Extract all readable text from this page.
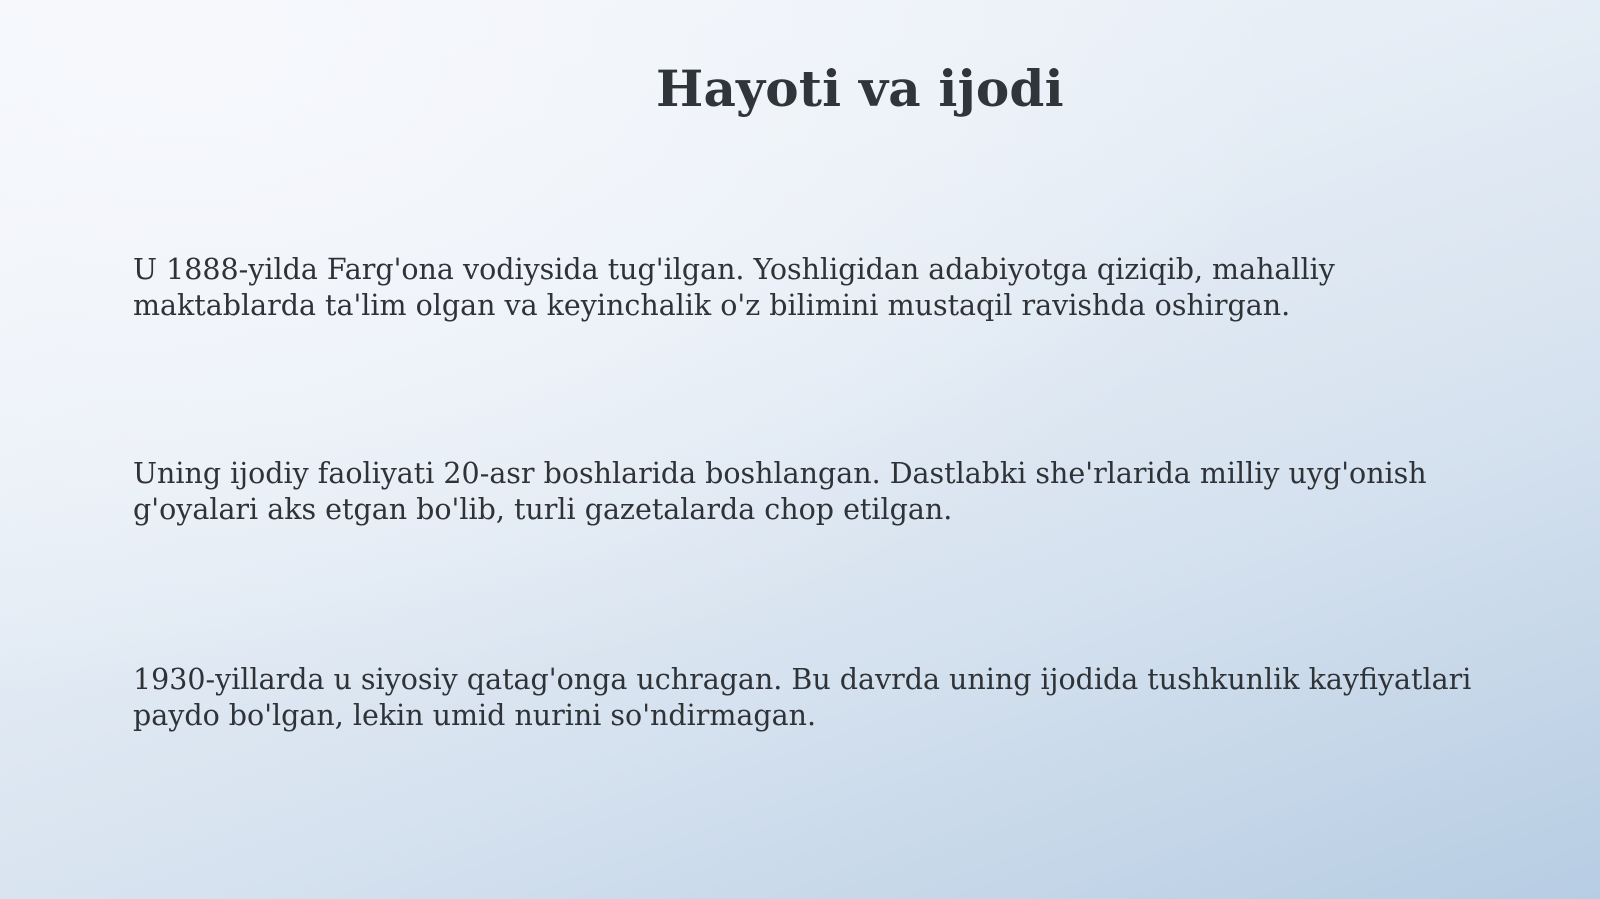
Hayoti va ijodi

U 1888-yilda Farg'ona vodiysida tug'ilgan. Yoshligidan adabiyotga qiziqib, mahalliy maktablarda ta'lim olgan va keyinchalik o'z bilimini mustaqil ravishda oshirgan.

Uning ijodiy faoliyati 20-asr boshlarida boshlangan. Dastlabki she'rlarida milliy uyg'onish g'oyalari aks etgan bo'lib, turli gazetalarda chop etilgan.

1930-yillarda u siyosiy qatag'onga uchragan. Bu davrda uning ijodida tushkunlik kayfiyatlari paydo bo'lgan, lekin umid nurini so'ndirmagan.
